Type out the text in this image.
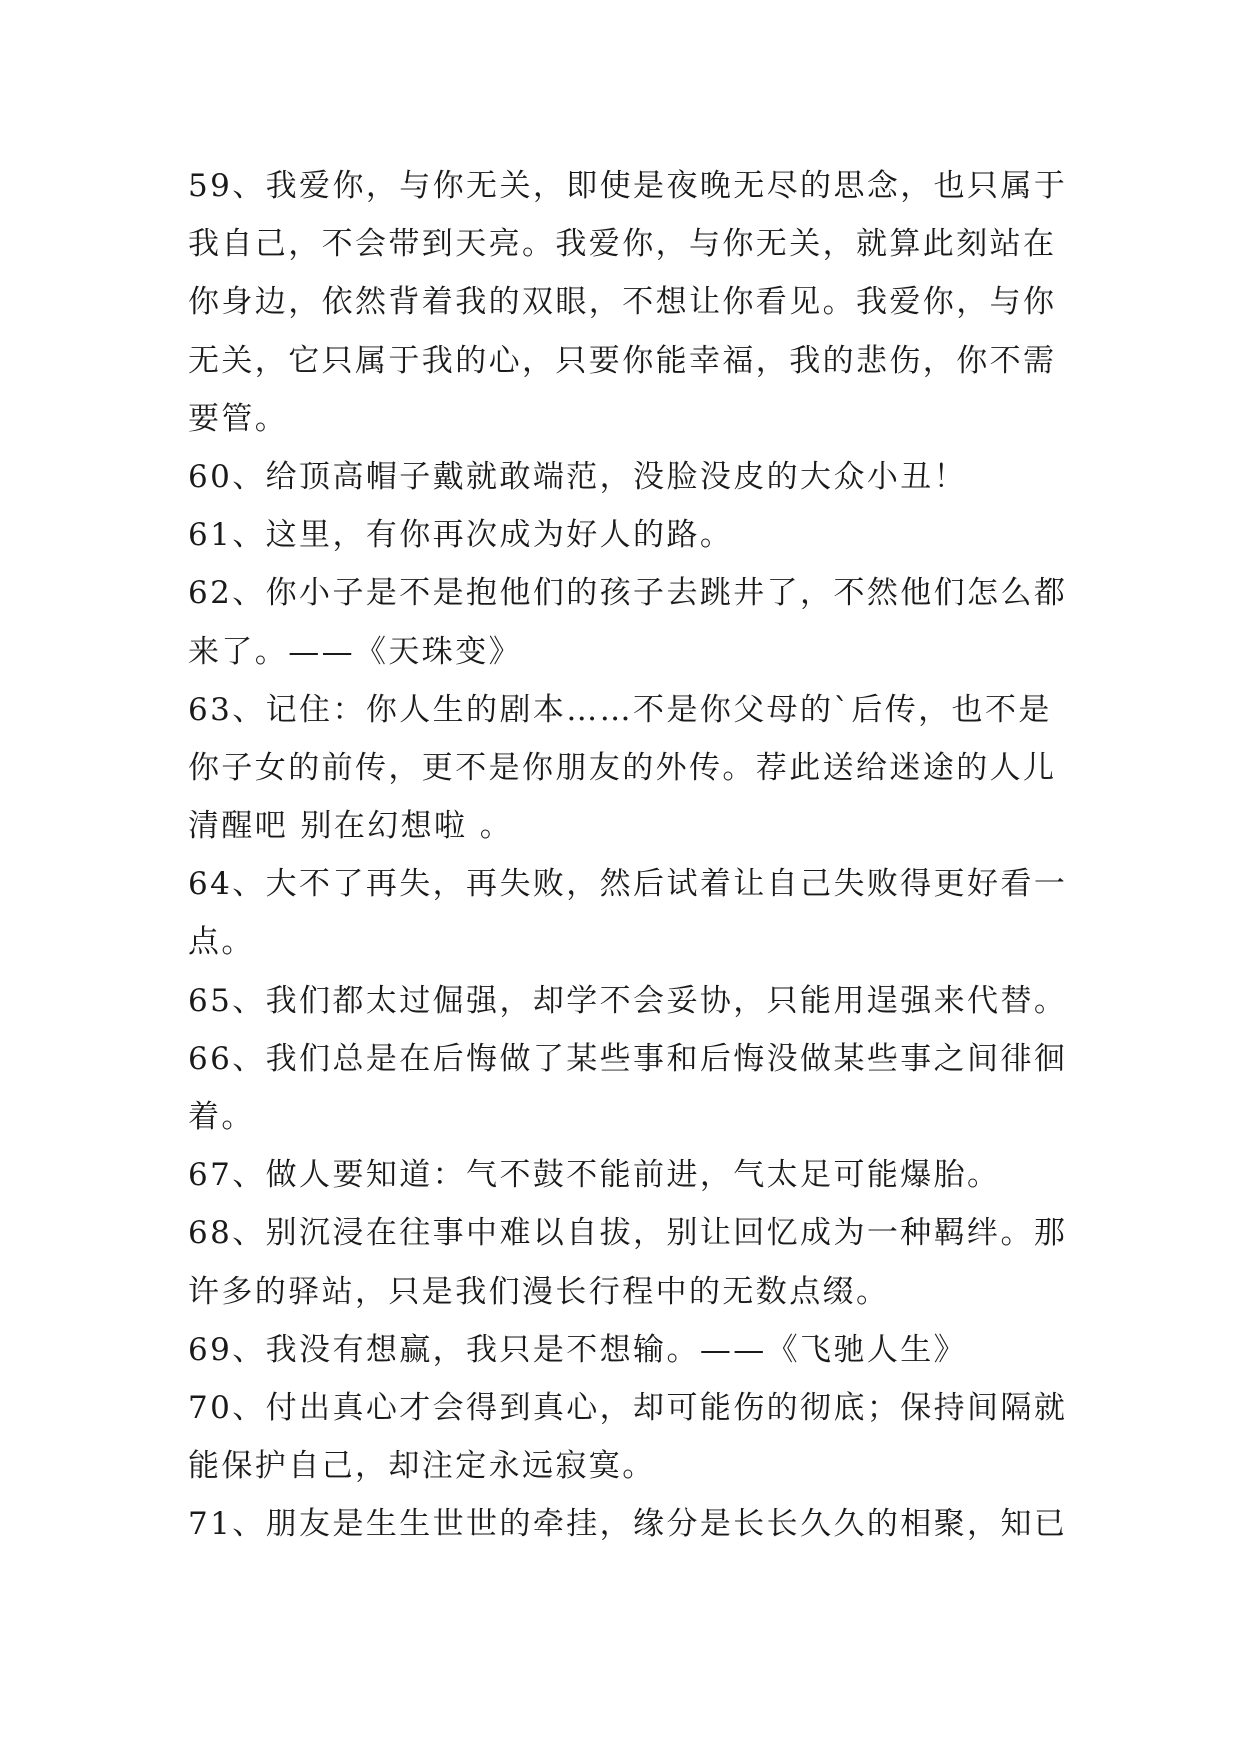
59、我爱你，与你无关，即使是夜晚无尽的思念，也只属于
我自己，不会带到天亮。我爱你，与你无关，就算此刻站在
你身边，依然背着我的双眼，不想让你看见。我爱你，与你
无关，它只属于我的心，只要你能幸福，我的悲伤，你不需
要管。
60、给顶高帽子戴就敢端范，没脸没皮的大众小丑！
61、这里，有你再次成为好人的路。
62、你小子是不是抱他们的孩子去跳井了，不然他们怎么都
来了。——《天珠变》
63、记住：你人生的剧本……不是你父母的`后传，也不是
你子女的前传，更不是你朋友的外传。荐此送给迷途的人儿
清醒吧 别在幻想啦 。
64、大不了再失，再失败，然后试着让自己失败得更好看一
点。
65、我们都太过倔强，却学不会妥协，只能用逞强来代替。
66、我们总是在后悔做了某些事和后悔没做某些事之间徘徊
着。
67、做人要知道：气不鼓不能前进，气太足可能爆胎。
68、别沉浸在往事中难以自拔，别让回忆成为一种羁绊。那
许多的驿站，只是我们漫长行程中的无数点缀。
69、我没有想赢，我只是不想输。——《飞驰人生》
70、付出真心才会得到真心，却可能伤的彻底；保持间隔就
能保护自己，却注定永远寂寞。
71、朋友是生生世世的牵挂，缘分是长长久久的相聚，知已
